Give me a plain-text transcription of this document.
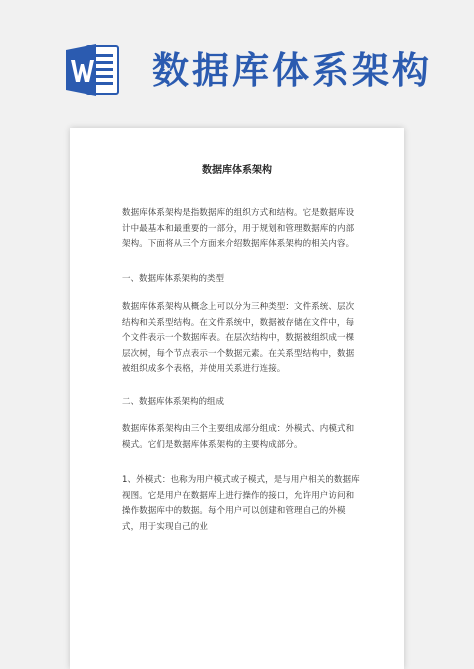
数据库体系架构
数据库体系架构
数据库体系架构是指数据库的组织方式和结构。它是数据库设计中最基本和最重要的一部分，用于规划和管理数据库的内部架构。下面将从三个方面来介绍数据库体系架构的相关内容。
一、数据库体系架构的类型
数据库体系架构从概念上可以分为三种类型：文件系统、层次结构和关系型结构。在文件系统中，数据被存储在文件中，每个文件表示一个数据库表。在层次结构中，数据被组织成一棵层次树，每个节点表示一个数据元素。在关系型结构中，数据被组织成多个表格，并使用关系进行连接。
二、数据库体系架构的组成
数据库体系架构由三个主要组成部分组成：外模式、内模式和模式。它们是数据库体系架构的主要构成部分。
1、外模式：也称为用户模式或子模式，是与用户相关的数据库视图。它是用户在数据库上进行操作的接口，允许用户访问和操作数据库中的数据。每个用户可以创建和管理自己的外模式，用于实现自己的业
